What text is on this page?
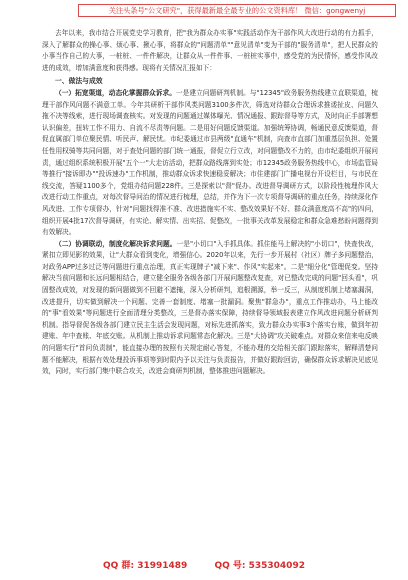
关注头条号"公文研究"，获得最新最全最专业的公文资料库！ 微信：gongwenyj

去年以来，我市结合开展党史学习教育，把"我为群众办实事"实践活动作为干部作风大改进行动的有力抓手，深入了解群众的操心事、烦心事、揪心事，将群众的"问题清单""意见清单"变为干部的"服务清单"，把人民群众的小事当作自己的大事，一桩桩、一件件解决，让群众从一件件事、一桩桩实事中，感受党的为民情怀，感受作风改进的成效，增加满意度和获得感。现将有关情况汇报如下：

一、做法与成效

（一）拓宽渠道，动态化掌握群众诉求。一是建立问题研判机制。与"12345"政务服务热线建立直联渠道，梳理干部作风问题不满意工单。今年共研析干部作风类问题3100多件次，筛选对待群众合理诉求推诿扯皮、问题久拖不决等线索，进行现场调查核实。对发现的问题通过媒体曝光、情况通报、跟踪督导等方式，及时向正手部署想认识偏差，扭转工作不用力、自流不尽责等问题。二是用好问题反馈渠道。加强统筹协调，畅通民意反馈渠道，督促直属部门单位聚民情、听民声、解民忧。市纪委通过市县两级"直通车"机制，向查市直部门加重基层负担、处置任性用权骑等共同问题，对于查处问题的部门统一通报，督促立行立改，对问题整改不力的，由市纪委组织开展问责，通过组织系统积极开展"五个一"大走访活动，把群众路线落到实处；市12345政务服务热线中心，市场监管局等推行"接诉即办""投诉速办"工作机制，推动群众诉求快速稳妥解决；市住建部门广播电视台开设栏目，与市民在线交流，答疑1100多个，党组办结问题228件。三是探索以"督"促办。改进督导调研方式，以阶段性梳理作风大改进行动工作重点，对每次督导问治的情况进行梳理，总结，并作为下一次专项督导调研的重点任务，持续深化作风改进、工作专项督办，针对"问题找得准不准、改进措施实不实、整改效果好不好、群众满意度高不高"的四问，组织开展4批17次督导调研，有实论、解实情、出实招、促整改，一批事关改革发展稳定和群众急难愁盼问题得到有效解决。

（二）协调联动，制度化解决诉求问题。一是"小切口"入手抓具体。抓住能马上解决的"小切口"，快查快改，紧扣立即见影的效果，让"大群众看到变化，增强信心。2020年以来，先行一步开展村（社区）牌子多问题整治，对政务APP过多过泛等问题进行重点治理，真正实现牌子"减下来"、作风"实起来"。二是"细分化"管理促变。坚持解决当前问题和长远问题相结合，建立健全服务各级各部门开展问题整改复查，对已整改完成的问题"回头看"，巩固整改成效，对发现的新问题做到不回避不遮掩，深入分析研判，追根溯源，举一反三，从制度机制上堵塞漏洞，改进提升，切实做到解决一个问题、完善一套制度、堵塞一批漏洞。聚焦"群急办"，重点工作推动办，马上能改的"事"看效果"等问题进行全面清理分类整改，三是督办落实保障，持续督导领域报表建立作风改进问题分析研判机制。指导督促各级各部门建立民主生活会发现问题，对标先进抓落实，致力群众办实事3个落实台账，做到年初建账、年中查账、年底交账。从机制上推动诉求问题常态化解决。三是"大协调"攻关破难点。对群众来信来电反映的问题实行"首问负责制"，能直接办理的按照有关规定耐心答复，不能办理的交给相关部门跟踪落实，解释清楚问题不能解决，根据有效处理投诉事项等到时限内予以关注与负责报告，并做好跟踪回访，确保群众诉求解决见底见效，同时，实行部门集中联合攻关，改进会商研判机制，整体推进问题解决。

QQ 群: 31991489	QQ 号: 535304092
